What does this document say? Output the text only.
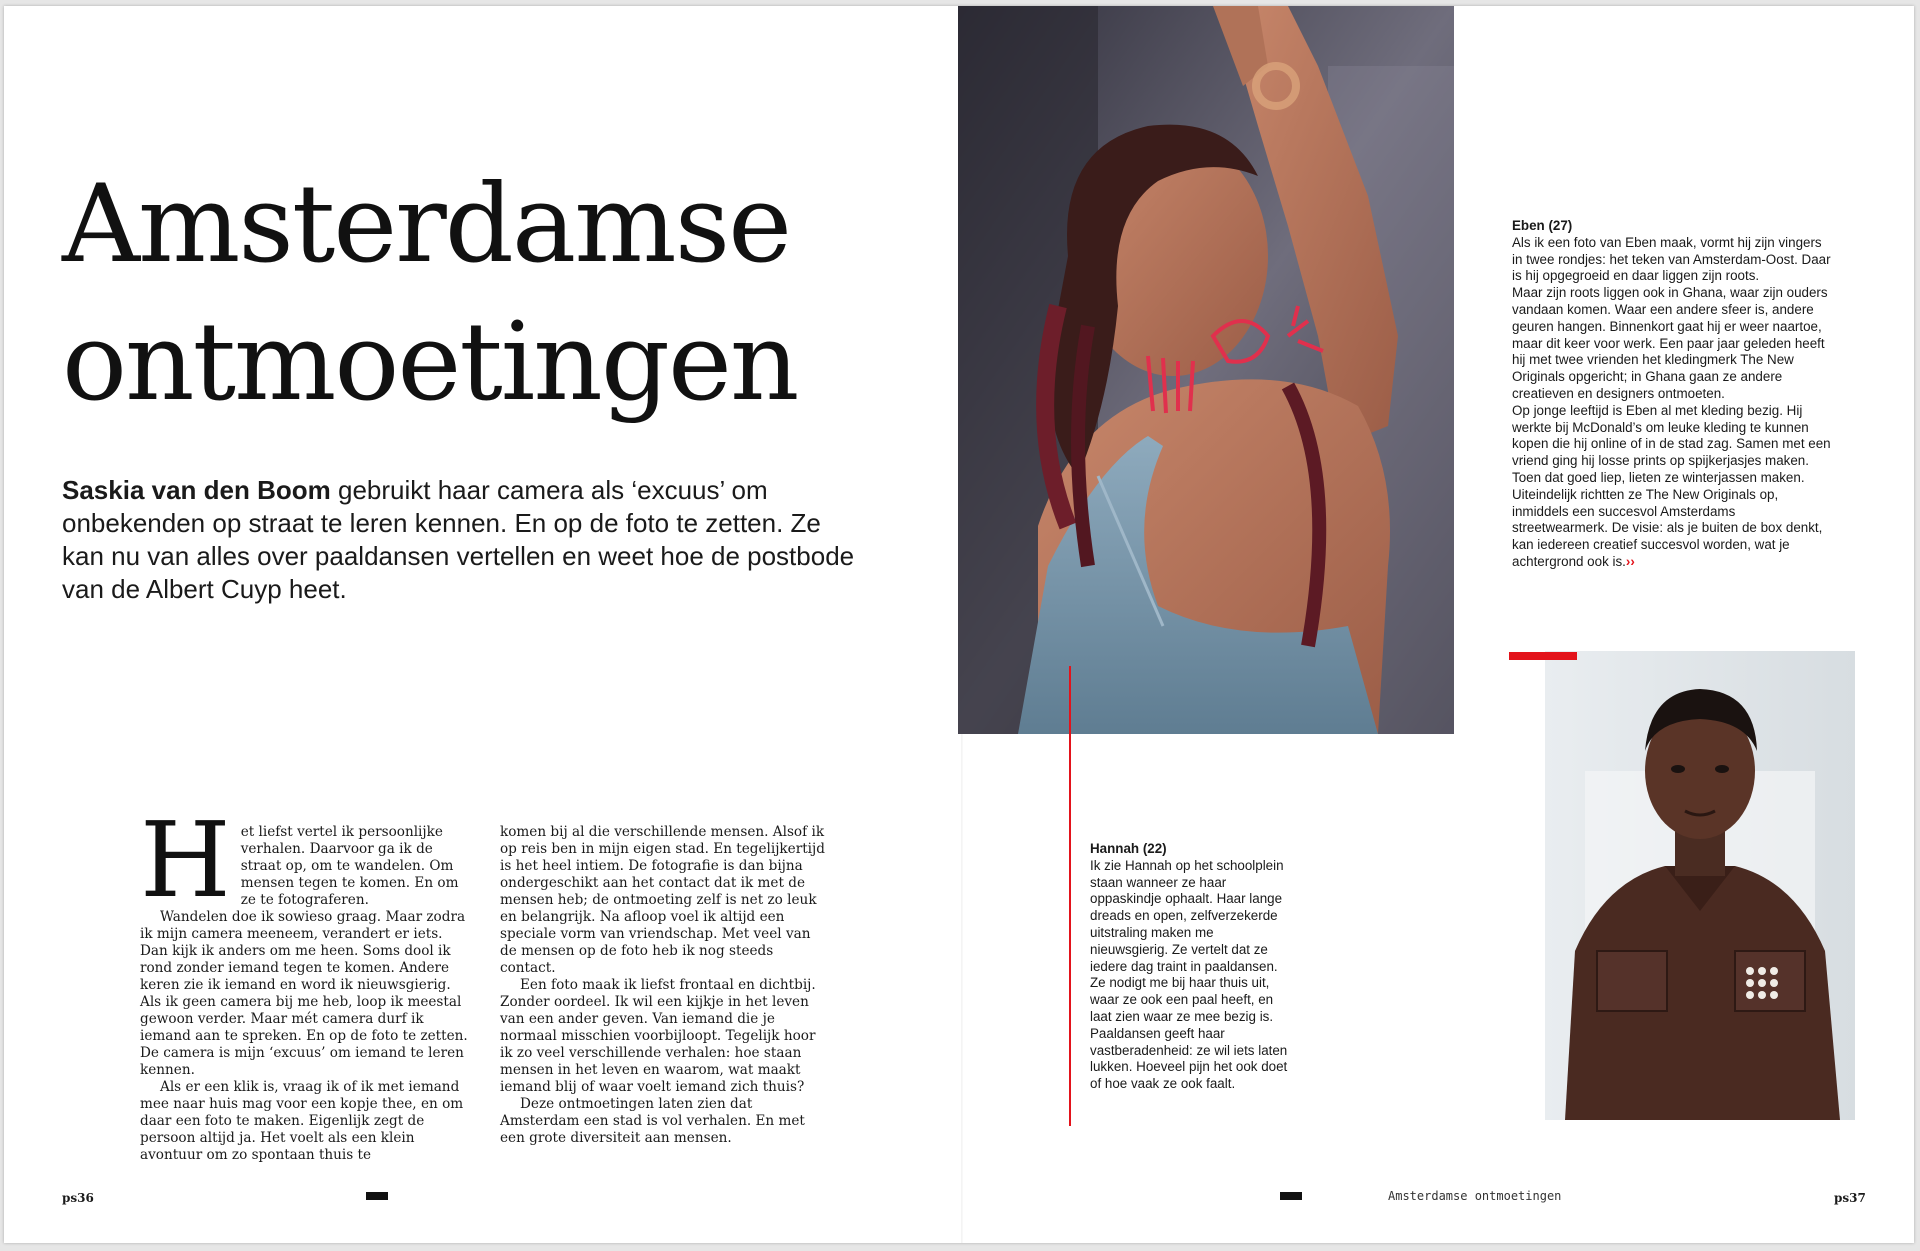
Amsterdamse
ontmoetingen

Saskia van den Boom gebruikt haar camera als ‘excuus’ om onbekenden op straat te leren kennen. En op de foto te zetten. Ze kan nu van alles over paaldansen vertellen en weet hoe de postbode van de Albert Cuyp heet.

H et liefst vertel ik persoonlijke verhalen. Daarvoor ga ik de straat op, om te wandelen. Om mensen tegen te komen. En om ze te fotograferen.

Wandelen doe ik sowieso graag. Maar zodra ik mijn camera meeneem, verandert er iets. Dan kijk ik anders om me heen. Soms dool ik rond zonder iemand tegen te komen. Andere keren zie ik iemand en word ik nieuwsgierig. Als ik geen camera bij me heb, loop ik meestal gewoon verder. Maar mét camera durf ik iemand aan te spreken. En op de foto te zetten. De camera is mijn ‘excuus’ om iemand te leren kennen.

Als er een klik is, vraag ik of ik met iemand mee naar huis mag voor een kopje thee, en om daar een foto te maken. Eigenlijk zegt de persoon altijd ja. Het voelt als een klein avontuur om zo spontaan thuis te

komen bij al die verschillende mensen. Alsof ik op reis ben in mijn eigen stad. En tegelijkertijd is het heel intiem. De fotografie is dan bijna ondergeschikt aan het contact dat ik met de mensen heb; de ontmoeting zelf is net zo leuk en belangrijk. Na afloop voel ik altijd een speciale vorm van vriendschap. Met veel van de mensen op de foto heb ik nog steeds contact.

Een foto maak ik liefst frontaal en dichtbij. Zonder oordeel. Ik wil een kijkje in het leven van een ander geven. Van iemand die je normaal misschien voorbijloopt. Tegelijk hoor ik zo veel verschillende verhalen: hoe staan mensen in het leven en waarom, wat maakt iemand blij of waar voelt iemand zich thuis?

Deze ontmoetingen laten zien dat Amsterdam een stad is vol verhalen. En met een grote diversiteit aan mensen.

Eben (27)

Als ik een foto van Eben maak, vormt hij zijn vingers in twee rondjes: het teken van Amsterdam-Oost. Daar is hij opgegroeid en daar liggen zijn roots.

Maar zijn roots liggen ook in Ghana, waar zijn ouders vandaan komen. Waar een andere sfeer is, andere geuren hangen. Binnenkort gaat hij er weer naartoe, maar dit keer voor werk. Een paar jaar geleden heeft hij met twee vrienden het kledingmerk The New Originals opgericht; in Ghana gaan ze andere creatieven en designers ontmoeten.

Op jonge leeftijd is Eben al met kleding bezig. Hij werkte bij McDonald’s om leuke kleding te kunnen kopen die hij online of in de stad zag. Samen met een vriend ging hij losse prints op spijkerjasjes maken. Toen dat goed liep, lieten ze winterjassen maken.

Uiteindelijk richtten ze The New Originals op, inmiddels een succesvol Amsterdams streetwearmerk. De visie: als je buiten de box denkt, kan iedereen creatief succesvol worden, wat je achtergrond ook is.››

Hannah (22)

Ik zie Hannah op het schoolplein staan wanneer ze haar oppaskindje ophaalt. Haar lange dreads en open, zelfverzekerde uitstraling maken me nieuwsgierig. Ze vertelt dat ze iedere dag traint in paaldansen. Ze nodigt me bij haar thuis uit, waar ze ook een paal heeft, en laat zien waar ze mee bezig is. Paaldansen geeft haar vastberadenheid: ze wil iets laten lukken. Hoeveel pijn het ook doet of hoe vaak ze ook faalt.

ps36	Amsterdamse ontmoetingen	ps37
